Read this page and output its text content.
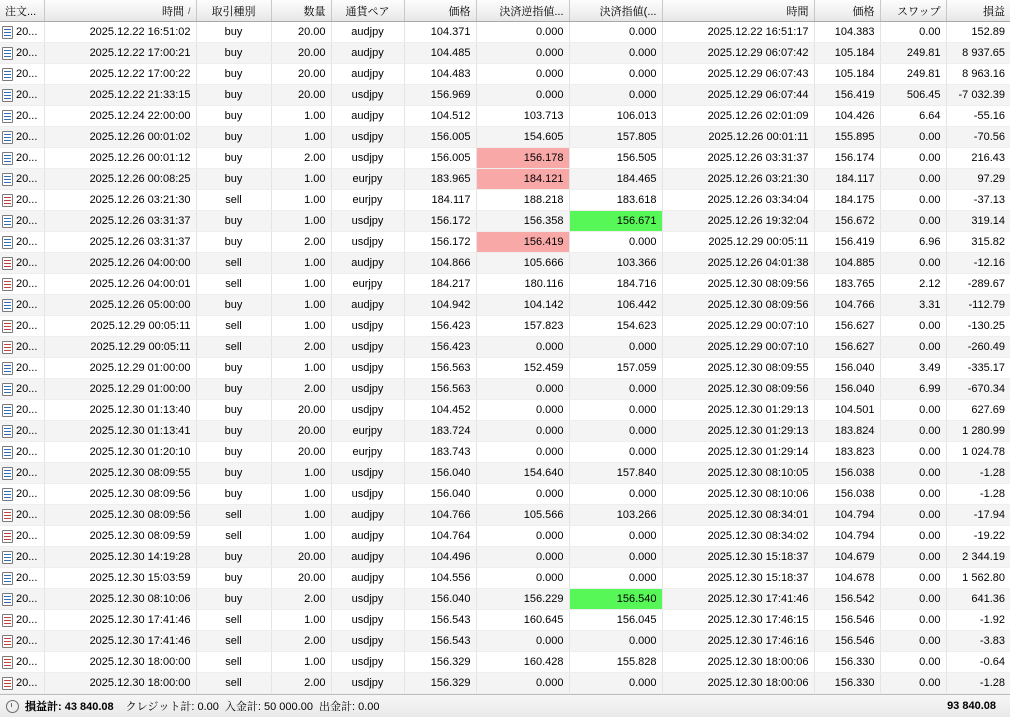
注文...	時間 /	取引種別	数量	通貨ペア	価格	決済逆指値...	決済指値(...	時間	価格	スワップ	損益
20...	2025.12.22 16:51:02	buy	20.00	audjpy	104.371	0.000	0.000	2025.12.22 16:51:17	104.383	0.00	152.89

20...	2025.12.22 17:00:21	buy	20.00	audjpy	104.485	0.000	0.000	2025.12.29 06:07:42	105.184	249.81	8 937.65

20...	2025.12.22 17:00:22	buy	20.00	audjpy	104.483	0.000	0.000	2025.12.29 06:07:43	105.184	249.81	8 963.16

20...	2025.12.22 21:33:15	buy	20.00	usdjpy	156.969	0.000	0.000	2025.12.29 06:07:44	156.419	506.45	-7 032.39

20...	2025.12.24 22:00:00	buy	1.00	audjpy	104.512	103.713	106.013	2025.12.26 02:01:09	104.426	6.64	-55.16

20...	2025.12.26 00:01:02	buy	1.00	usdjpy	156.005	154.605	157.805	2025.12.26 00:01:11	155.895	0.00	-70.56

20...	2025.12.26 00:01:12	buy	2.00	usdjpy	156.005	156.178	156.505	2025.12.26 03:31:37	156.174	0.00	216.43

20...	2025.12.26 00:08:25	buy	1.00	eurjpy	183.965	184.121	184.465	2025.12.26 03:21:30	184.117	0.00	97.29

20...	2025.12.26 03:21:30	sell	1.00	eurjpy	184.117	188.218	183.618	2025.12.26 03:34:04	184.175	0.00	-37.13

20...	2025.12.26 03:31:37	buy	1.00	usdjpy	156.172	156.358	156.671	2025.12.26 19:32:04	156.672	0.00	319.14

20...	2025.12.26 03:31:37	buy	2.00	usdjpy	156.172	156.419	0.000	2025.12.29 00:05:11	156.419	6.96	315.82

20...	2025.12.26 04:00:00	sell	1.00	audjpy	104.866	105.666	103.366	2025.12.26 04:01:38	104.885	0.00	-12.16

20...	2025.12.26 04:00:01	sell	1.00	eurjpy	184.217	180.116	184.716	2025.12.30 08:09:56	183.765	2.12	-289.67

20...	2025.12.26 05:00:00	buy	1.00	audjpy	104.942	104.142	106.442	2025.12.30 08:09:56	104.766	3.31	-112.79

20...	2025.12.29 00:05:11	sell	1.00	usdjpy	156.423	157.823	154.623	2025.12.29 00:07:10	156.627	0.00	-130.25

20...	2025.12.29 00:05:11	sell	2.00	usdjpy	156.423	0.000	0.000	2025.12.29 00:07:10	156.627	0.00	-260.49

20...	2025.12.29 01:00:00	buy	1.00	usdjpy	156.563	152.459	157.059	2025.12.30 08:09:55	156.040	3.49	-335.17

20...	2025.12.29 01:00:00	buy	2.00	usdjpy	156.563	0.000	0.000	2025.12.30 08:09:56	156.040	6.99	-670.34

20...	2025.12.30 01:13:40	buy	20.00	usdjpy	104.452	0.000	0.000	2025.12.30 01:29:13	104.501	0.00	627.69

20...	2025.12.30 01:13:41	buy	20.00	eurjpy	183.724	0.000	0.000	2025.12.30 01:29:13	183.824	0.00	1 280.99

20...	2025.12.30 01:20:10	buy	20.00	eurjpy	183.743	0.000	0.000	2025.12.30 01:29:14	183.823	0.00	1 024.78

20...	2025.12.30 08:09:55	buy	1.00	usdjpy	156.040	154.640	157.840	2025.12.30 08:10:05	156.038	0.00	-1.28

20...	2025.12.30 08:09:56	buy	1.00	usdjpy	156.040	0.000	0.000	2025.12.30 08:10:06	156.038	0.00	-1.28

20...	2025.12.30 08:09:56	sell	1.00	audjpy	104.766	105.566	103.266	2025.12.30 08:34:01	104.794	0.00	-17.94

20...	2025.12.30 08:09:59	sell	1.00	audjpy	104.764	0.000	0.000	2025.12.30 08:34:02	104.794	0.00	-19.22

20...	2025.12.30 14:19:28	buy	20.00	audjpy	104.496	0.000	0.000	2025.12.30 15:18:37	104.679	0.00	2 344.19

20...	2025.12.30 15:03:59	buy	20.00	audjpy	104.556	0.000	0.000	2025.12.30 15:18:37	104.678	0.00	1 562.80

20...	2025.12.30 08:10:06	buy	2.00	usdjpy	156.040	156.229	156.540	2025.12.30 17:41:46	156.542	0.00	641.36

20...	2025.12.30 17:41:46	sell	1.00	usdjpy	156.543	160.645	156.045	2025.12.30 17:46:15	156.546	0.00	-1.92

20...	2025.12.30 17:41:46	sell	2.00	usdjpy	156.543	0.000	0.000	2025.12.30 17:46:16	156.546	0.00	-3.83

20...	2025.12.30 18:00:00	sell	1.00	usdjpy	156.329	160.428	155.828	2025.12.30 18:00:06	156.330	0.00	-0.64

20...	2025.12.30 18:00:00	sell	2.00	usdjpy	156.329	0.000	0.000	2025.12.30 18:00:06	156.330	0.00	-1.28
損益計: 43 840.08	クレジット計: 0.00 入金計: 50 000.00 出金計: 0.00	93 840.08
